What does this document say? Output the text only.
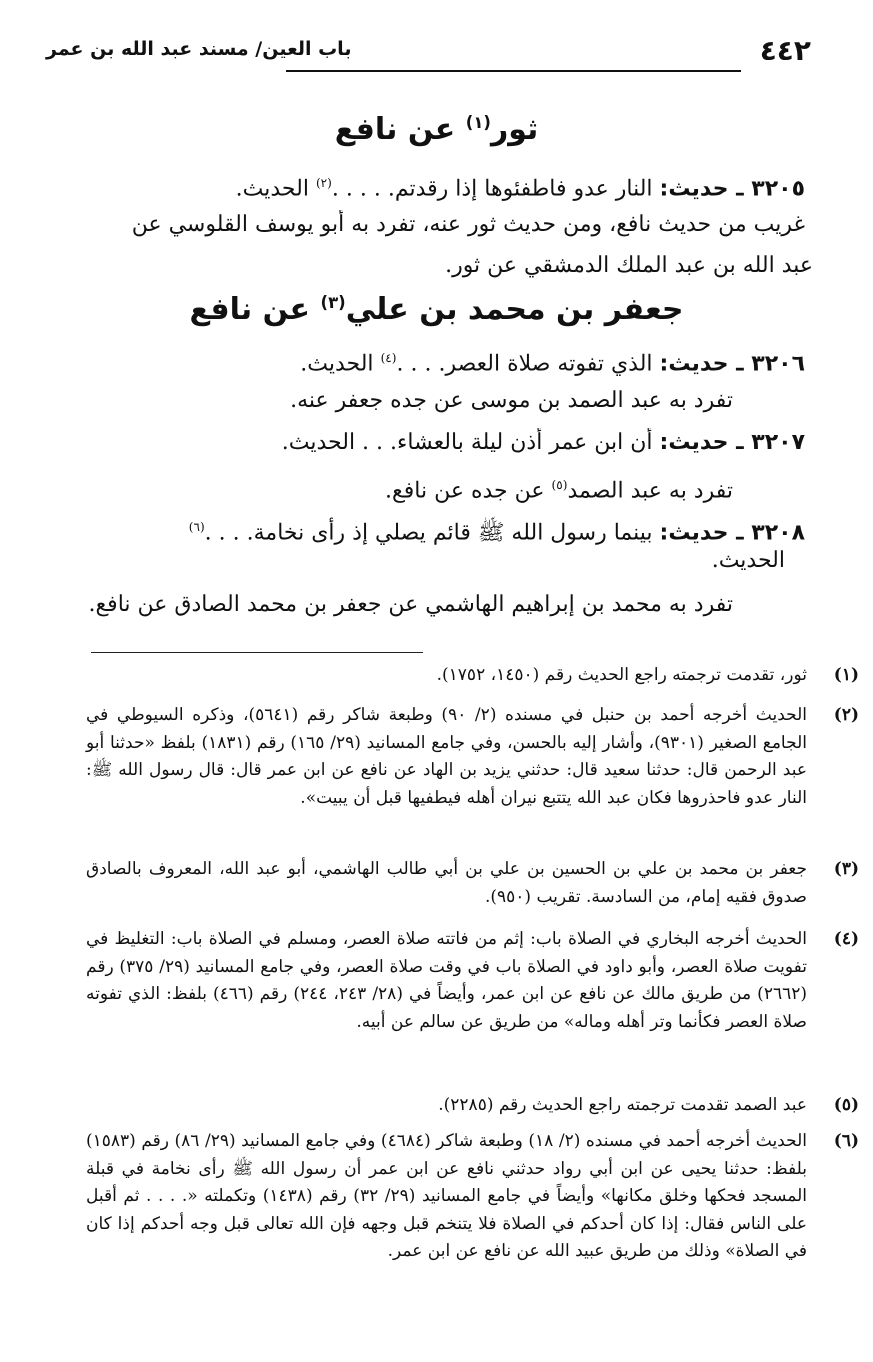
٤٤٢
باب العين/ مسند عبد الله بن عمر
ثور$^{(١)}$ عن نافع
٣٢٠٥ ـ حديث: النار عدو فاطفئوها إذا رقدتم. . . . .$^{(٢)}$ الحديث.
غريب من حديث نافع، ومن حديث ثور عنه، تفرد به أبو يوسف القلوسي عن
عبد الله بن عبد الملك الدمشقي عن ثور.
جعفر بن محمد بن علي$^{(٣)}$ عن نافع
٣٢٠٦ ـ حديث: الذي تفوته صلاة العصر. . . .$^{(٤)}$ الحديث.
تفرد به عبد الصمد بن موسى عن جده جعفر عنه.
٣٢٠٧ ـ حديث: أن ابن عمر أذن ليلة بالعشاء. . . الحديث.
تفرد به عبد الصمد$^{(٥)}$ عن جده عن نافع.
٣٢٠٨ ـ حديث: بينما رسول الله ﷺ قائم يصلي إذ رأى نخامة. . . .$^{(٦)}$
الحديث.
تفرد به محمد بن إبراهيم الهاشمي عن جعفر بن محمد الصادق عن نافع.
(١)
ثور، تقدمت ترجمته راجع الحديث رقم (١٤٥٠، ١٧٥٢).
(٢)
الحديث أخرجه أحمد بن حنبل في مسنده (٢/ ٩٠) وطبعة شاكر رقم (٥٦٤١)، وذكره السيوطي في الجامع الصغير (٩٣٠١)، وأشار إليه بالحسن، وفي جامع المسانيد (٢٩/ ١٦٥) رقم (١٨٣١) بلفظ «حدثنا أبو عبد الرحمن قال: حدثنا سعيد قال: حدثني يزيد بن الهاد عن نافع عن ابن عمر قال: قال رسول الله ﷺ: النار عدو فاحذروها فكان عبد الله يتتبع نيران أهله فيطفيها قبل أن يبيت».
(٣)
جعفر بن محمد بن علي بن الحسين بن علي بن أبي طالب الهاشمي، أبو عبد الله، المعروف بالصادق صدوق فقيه إمام، من السادسة. تقريب (٩٥٠).
(٤)
الحديث أخرجه البخاري في الصلاة باب: إثم من فاتته صلاة العصر، ومسلم في الصلاة باب: التغليظ في تفويت صلاة العصر، وأبو داود في الصلاة باب في وقت صلاة العصر، وفي جامع المسانيد (٢٩/ ٣٧٥) رقم (٢٦٦٢) من طريق مالك عن نافع عن ابن عمر، وأيضاً في (٢٨/ ٢٤٣، ٢٤٤) رقم (٤٦٦) بلفظ: الذي تفوته صلاة العصر فكأنما وتر أهله وماله» من طريق عن سالم عن أبيه.
(٥)
عبد الصمد تقدمت ترجمته راجع الحديث رقم (٢٢٨٥).
(٦)
الحديث أخرجه أحمد في مسنده (٢/ ١٨) وطبعة شاكر (٤٦٨٤) وفي جامع المسانيد (٢٩/ ٨٦) رقم (١٥٨٣) بلفظ: حدثنا يحيى عن ابن أبي رواد حدثني نافع عن ابن عمر أن رسول الله ﷺ رأى نخامة في قبلة المسجد فحكها وخلق مكانها» وأيضاً في جامع المسانيد (٢٩/ ٣٢) رقم (١٤٣٨) وتكملته «. . . . ثم أقبل على الناس فقال: إذا كان أحدكم في الصلاة فلا يتنخم قبل وجهه فإن الله تعالى قبل وجه أحدكم إذا كان في الصلاة» وذلك من طريق عبيد الله عن نافع عن ابن عمر.
